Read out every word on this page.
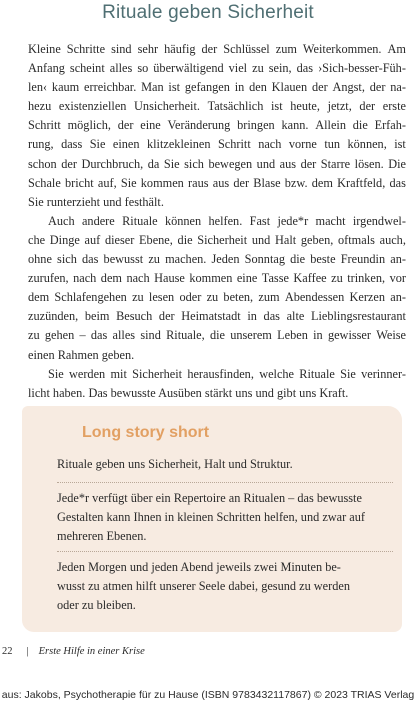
Rituale geben Sicherheit
Kleine Schritte sind sehr häufig der Schlüssel zum Weiterkommen. Am
Anfang scheint alles so überwältigend viel zu sein, das ›Sich-besser-Füh-
len‹ kaum erreichbar. Man ist gefangen in den Klauen der Angst, der na-
hezu existenziellen Unsicherheit. Tatsächlich ist heute, jetzt, der erste
Schritt möglich, der eine Veränderung bringen kann. Allein die Erfah-
rung, dass Sie einen klitzekleinen Schritt nach vorne tun können, ist
schon der Durchbruch, da Sie sich bewegen und aus der Starre lösen. Die
Schale bricht auf, Sie kommen raus aus der Blase bzw. dem Kraftfeld, das
Sie runterzieht und festhält.
Auch andere Rituale können helfen. Fast jede*r macht irgendwel-
che Dinge auf dieser Ebene, die Sicherheit und Halt geben, oftmals auch,
ohne sich das bewusst zu machen. Jeden Sonntag die beste Freundin an-
zurufen, nach dem nach Hause kommen eine Tasse Kaffee zu trinken, vor
dem Schlafengehen zu lesen oder zu beten, zum Abendessen Kerzen an-
zuzünden, beim Besuch der Heimatstadt in das alte Lieblingsrestaurant
zu gehen – das alles sind Rituale, die unserem Leben in gewisser Weise
einen Rahmen geben.
Sie werden mit Sicherheit herausfinden, welche Rituale Sie verinner-
licht haben. Das bewusste Ausüben stärkt uns und gibt uns Kraft.
Long story short
Rituale geben uns Sicherheit, Halt und Struktur.
Jede*r verfügt über ein Repertoire an Ritualen – das bewusste
Gestalten kann Ihnen in kleinen Schritten helfen, und zwar auf
mehreren Ebenen.
Jeden Morgen und jeden Abend jeweils zwei Minuten be-
wusst zu atmen hilft unserer Seele dabei, gesund zu werden
oder zu bleiben.
22 | Erste Hilfe in einer Krise
aus: Jakobs, Psychotherapie für zu Hause (ISBN 9783432117867) © 2023 TRIAS Verlag
